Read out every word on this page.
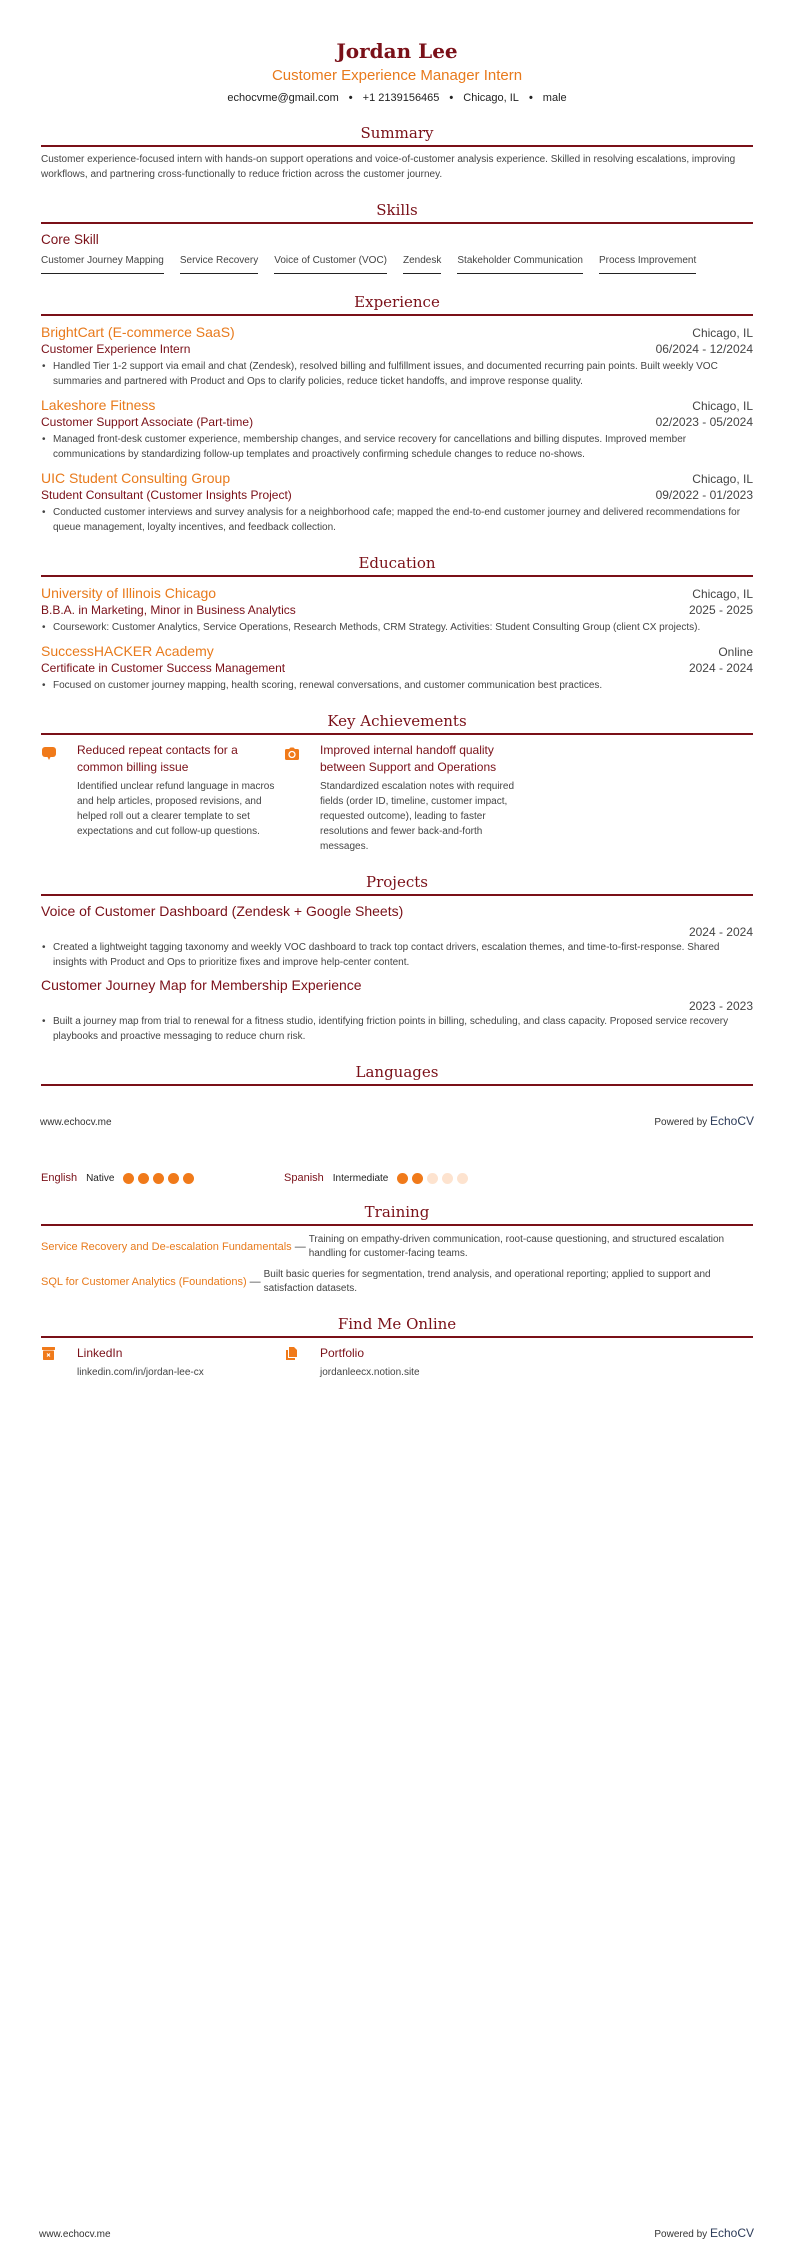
Jordan Lee
Customer Experience Manager Intern
echocvme@gmail.com • +1 2139156465 • Chicago, IL • male
Summary
Customer experience-focused intern with hands-on support operations and voice-of-customer analysis experience. Skilled in resolving escalations, improving workflows, and partnering cross-functionally to reduce friction across the customer journey.
Skills
Core Skill
Customer Journey Mapping Service Recovery Voice of Customer (VOC) Zendesk Stakeholder Communication Process Improvement
Experience
BrightCart (E-commerce SaaS)	Chicago, IL
Customer Experience Intern	06/2024 - 12/2024
• Handled Tier 1-2 support via email and chat (Zendesk), resolved billing and fulfillment issues, and documented recurring pain points. Built weekly VOC summaries and partnered with Product and Ops to clarify policies, reduce ticket handoffs, and improve response quality.
Lakeshore Fitness	Chicago, IL
Customer Support Associate (Part-time)	02/2023 - 05/2024
• Managed front-desk customer experience, membership changes, and service recovery for cancellations and billing disputes. Improved member communications by standardizing follow-up templates and proactively confirming schedule changes to reduce no-shows.
UIC Student Consulting Group	Chicago, IL
Student Consultant (Customer Insights Project)	09/2022 - 01/2023
• Conducted customer interviews and survey analysis for a neighborhood cafe; mapped the end-to-end customer journey and delivered recommendations for queue management, loyalty incentives, and feedback collection.
Education
University of Illinois Chicago	Chicago, IL
B.B.A. in Marketing, Minor in Business Analytics	2025 - 2025
• Coursework: Customer Analytics, Service Operations, Research Methods, CRM Strategy. Activities: Student Consulting Group (client CX projects).
SuccessHACKER Academy	Online
Certificate in Customer Success Management	2024 - 2024
• Focused on customer journey mapping, health scoring, renewal conversations, and customer communication best practices.
Key Achievements
Reduced repeat contacts for a common billing issue
Identified unclear refund language in macros and help articles, proposed revisions, and helped roll out a clearer template to set expectations and cut follow-up questions.
Improved internal handoff quality between Support and Operations
Standardized escalation notes with required fields (order ID, timeline, customer impact, requested outcome), leading to faster resolutions and fewer back-and-forth messages.
Projects
Voice of Customer Dashboard (Zendesk + Google Sheets)
2024 - 2024
• Created a lightweight tagging taxonomy and weekly VOC dashboard to track top contact drivers, escalation themes, and time-to-first-response. Shared insights with Product and Ops to prioritize fixes and improve help-center content.
Customer Journey Map for Membership Experience
2023 - 2023
• Built a journey map from trial to renewal for a fitness studio, identifying friction points in billing, scheduling, and class capacity. Proposed service recovery playbooks and proactive messaging to reduce churn risk.
Languages
www.echocv.me	Powered by EchoCV
English Native	Spanish Intermediate
Training
Service Recovery and De-escalation Fundamentals —
Training on empathy-driven communication, root-cause questioning, and structured escalation handling for customer-facing teams.
SQL for Customer Analytics (Foundations) —
Built basic queries for segmentation, trend analysis, and operational reporting; applied to support and satisfaction datasets.
Find Me Online
LinkedIn
linkedin.com/in/jordan-lee-cx
Portfolio
jordanleecx.notion.site
www.echocv.me	Powered by EchoCV
